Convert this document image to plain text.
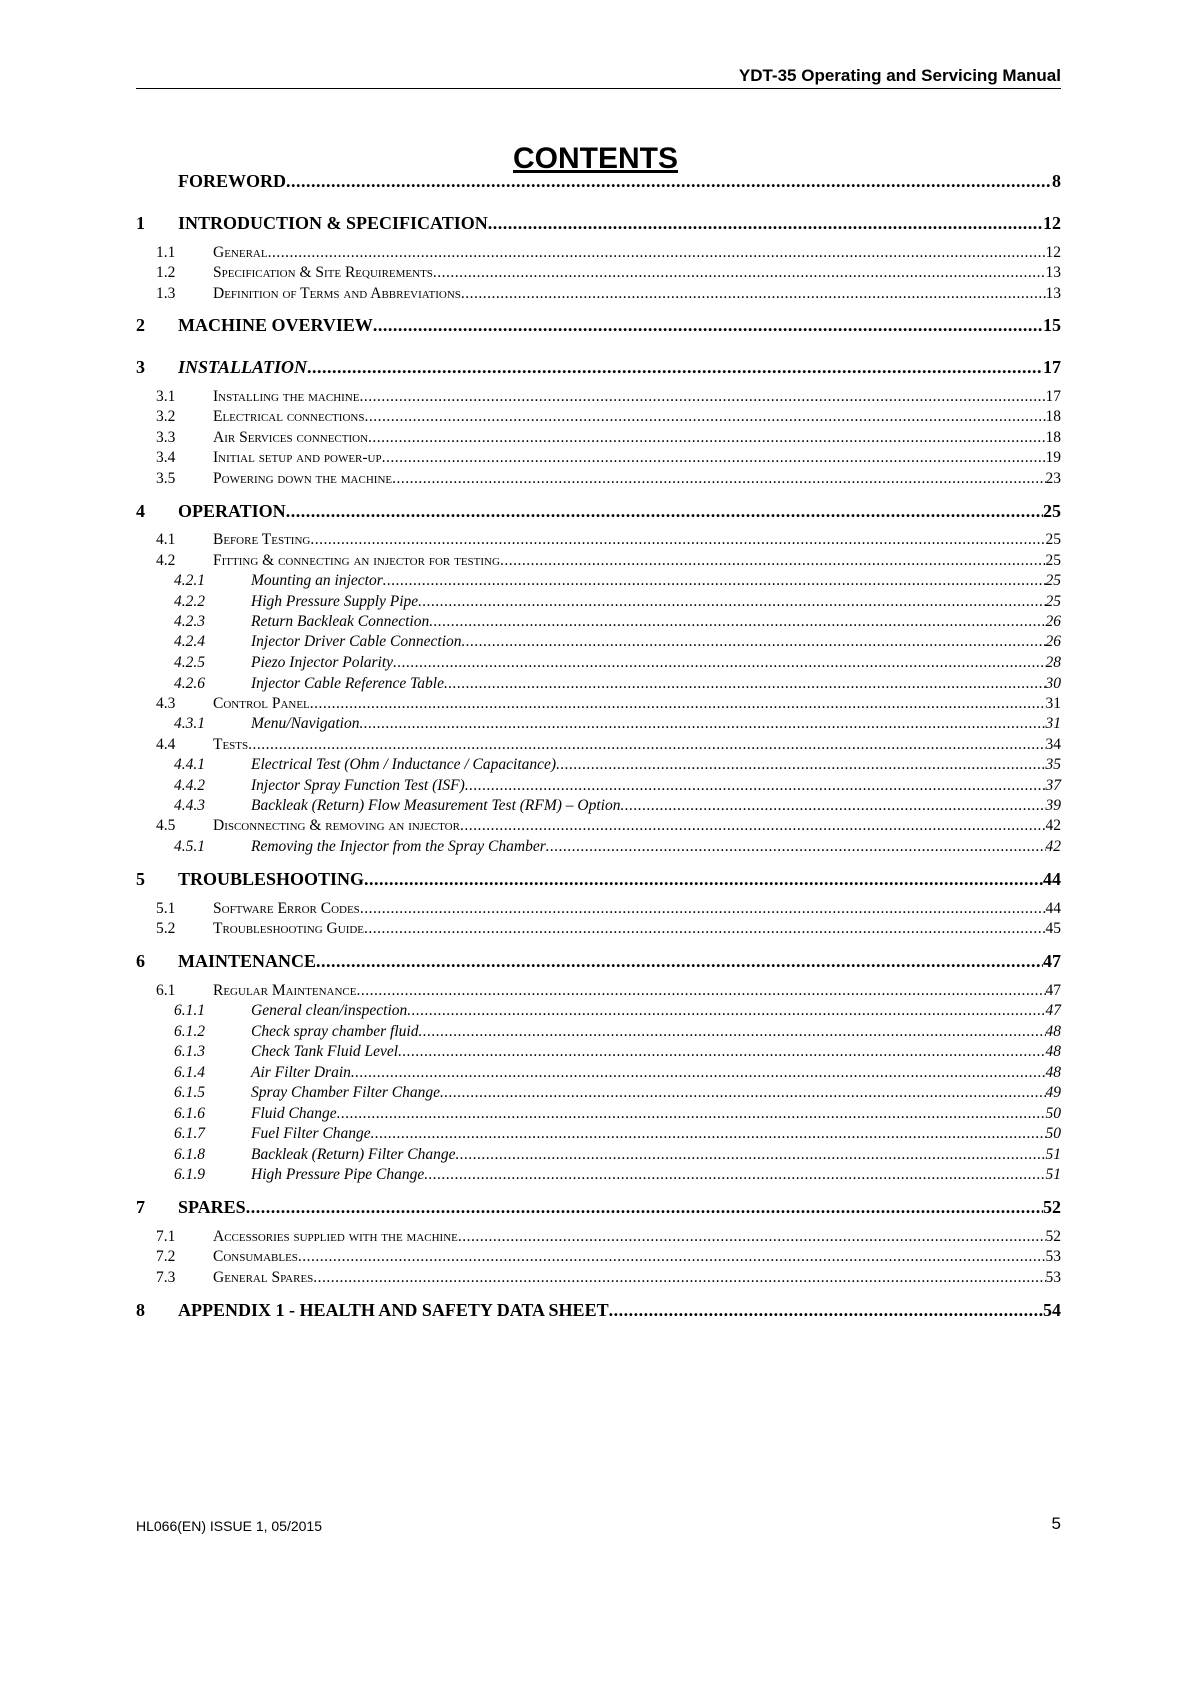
YDT-35 Operating and Servicing Manual
CONTENTS
FOREWORD .....	8
1	INTRODUCTION & SPECIFICATION .....	12
1.1	General .....	12
1.2	Specification & Site Requirements .....	13
1.3	Definition of Terms and Abbreviations .....	13
2	MACHINE OVERVIEW .....	15
3	INSTALLATION .....	17
3.1	Installing the machine .....	17
3.2	Electrical connections .....	18
3.3	Air Services connection .....	18
3.4	Initial setup and power-up .....	19
3.5	Powering down the machine .....	23
4	OPERATION .....	25
4.1	Before Testing .....	25
4.2	Fitting & connecting an injector for testing .....	25
4.2.1	Mounting an injector .....	25
4.2.2	High Pressure Supply Pipe .....	25
4.2.3	Return Backleak Connection .....	26
4.2.4	Injector Driver Cable Connection .....	26
4.2.5	Piezo Injector Polarity .....	28
4.2.6	Injector Cable Reference Table .....	30
4.3	Control Panel .....	31
4.3.1	Menu/Navigation .....	31
4.4	Tests .....	34
4.4.1	Electrical Test (Ohm / Inductance / Capacitance) .....	35
4.4.2	Injector Spray Function Test (ISF) .....	37
4.4.3	Backleak (Return) Flow Measurement Test (RFM) – Option .....	39
4.5	Disconnecting & removing an injector .....	42
4.5.1	Removing the Injector from the Spray Chamber .....	42
5	TROUBLESHOOTING .....	44
5.1	Software Error Codes .....	44
5.2	Troubleshooting Guide .....	45
6	MAINTENANCE .....	47
6.1	Regular Maintenance .....	47
6.1.1	General clean/inspection .....	47
6.1.2	Check spray chamber fluid .....	48
6.1.3	Check Tank Fluid Level .....	48
6.1.4	Air Filter Drain .....	48
6.1.5	Spray Chamber Filter Change .....	49
6.1.6	Fluid Change .....	50
6.1.7	Fuel Filter Change .....	50
6.1.8	Backleak (Return) Filter Change .....	51
6.1.9	High Pressure Pipe Change .....	51
7	SPARES .....	52
7.1	Accessories supplied with the machine .....	52
7.2	Consumables .....	53
7.3	General Spares .....	53
8	APPENDIX 1 - HEALTH AND SAFETY DATA SHEET .....	54
HL066(EN) ISSUE 1, 05/2015	5
